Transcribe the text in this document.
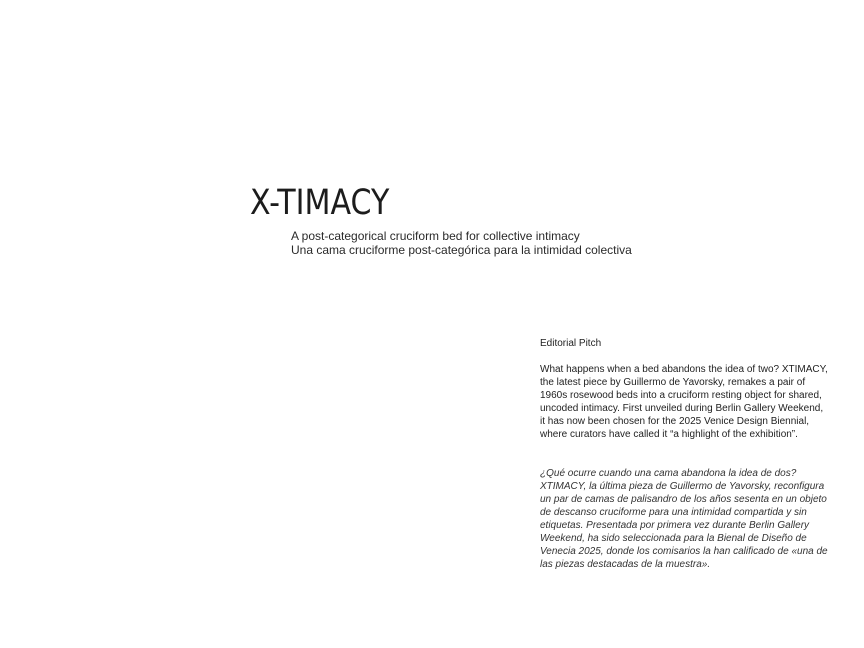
X-TIMACY
A post-categorical cruciform bed for collective intimacy
Una cama cruciforme post-categórica para la intimidad colectiva
Editorial Pitch

What happens when a bed abandons the idea of two? XTIMACY, the latest piece by Guillermo de Yavorsky, remakes a pair of 1960s rosewood beds into a cruciform resting object for shared, uncoded intimacy. First unveiled during Berlin Gallery Weekend, it has now been chosen for the 2025 Venice Design Biennial, where curators have called it “a highlight of the exhibition”.

¿Qué ocurre cuando una cama abandona la idea de dos? XTIMACY, la última pieza de Guillermo de Yavorsky, reconfigura un par de camas de palisandro de los años sesenta en un objeto de descanso cruciforme para una intimidad compartida y sin etiquetas. Presentada por primera vez durante Berlin Gallery Weekend, ha sido seleccionada para la Bienal de Diseño de Venecia 2025, donde los comisarios la han calificado de «una de las piezas destacadas de la muestra».
